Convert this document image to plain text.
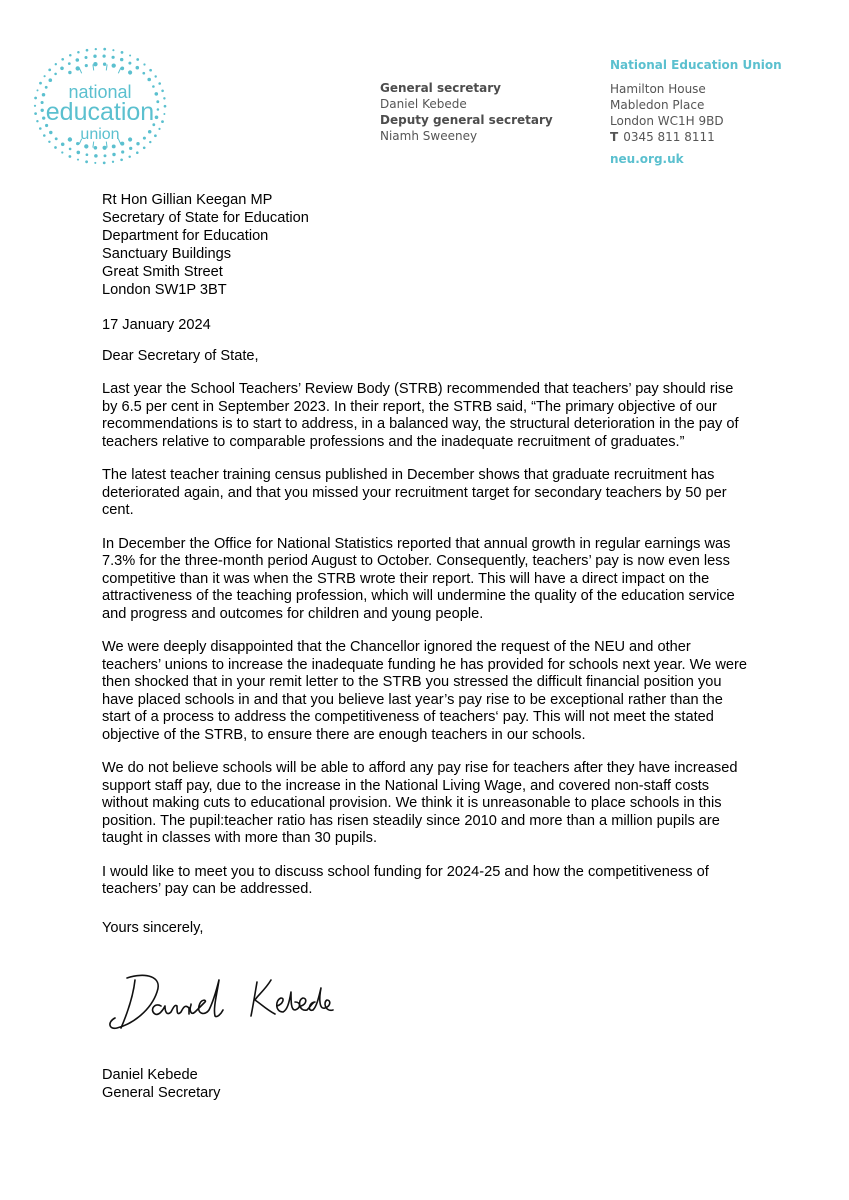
national
education
union
General secretary
Daniel Kebede
Deputy general secretary
Niamh Sweeney
National Education Union
Hamilton House
Mabledon Place
London WC1H 9BD
T 0345 811 8111
neu.org.uk
Rt Hon Gillian Keegan MP
Secretary of State for Education
Department for Education
Sanctuary Buildings
Great Smith Street
London SW1P 3BT
17 January 2024
Dear Secretary of State,

Last year the School Teachers’ Review Body (STRB) recommended that teachers’ pay should rise by 6.5 per cent in September 2023. In their report, the STRB said, “The primary objective of our recommendations is to start to address, in a balanced way, the structural deterioration in the pay of teachers relative to comparable professions and the inadequate recruitment of graduates.”

The latest teacher training census published in December shows that graduate recruitment has deteriorated again, and that you missed your recruitment target for secondary teachers by 50 per cent.

In December the Office for National Statistics reported that annual growth in regular earnings was 7.3% for the three-month period August to October. Consequently, teachers’ pay is now even less competitive than it was when the STRB wrote their report. This will have a direct impact on the attractiveness of the teaching profession, which will undermine the quality of the education service and progress and outcomes for children and young people.

We were deeply disappointed that the Chancellor ignored the request of the NEU and other teachers’ unions to increase the inadequate funding he has provided for schools next year. We were then shocked that in your remit letter to the STRB you stressed the difficult financial position you have placed schools in and that you believe last year’s pay rise to be exceptional rather than the start of a process to address the competitiveness of teachers‘ pay. This will not meet the stated objective of the STRB, to ensure there are enough teachers in our schools.

We do not believe schools will be able to afford any pay rise for teachers after they have increased support staff pay, due to the increase in the National Living Wage, and covered non-staff costs without making cuts to educational provision. We think it is unreasonable to place schools in this position. The pupil:teacher ratio has risen steadily since 2010 and more than a million pupils are taught in classes with more than 30 pupils.

I would like to meet you to discuss school funding for 2024-25 and how the competitiveness of teachers’ pay can be addressed.

Yours sincerely,
Daniel Kebede
General Secretary
